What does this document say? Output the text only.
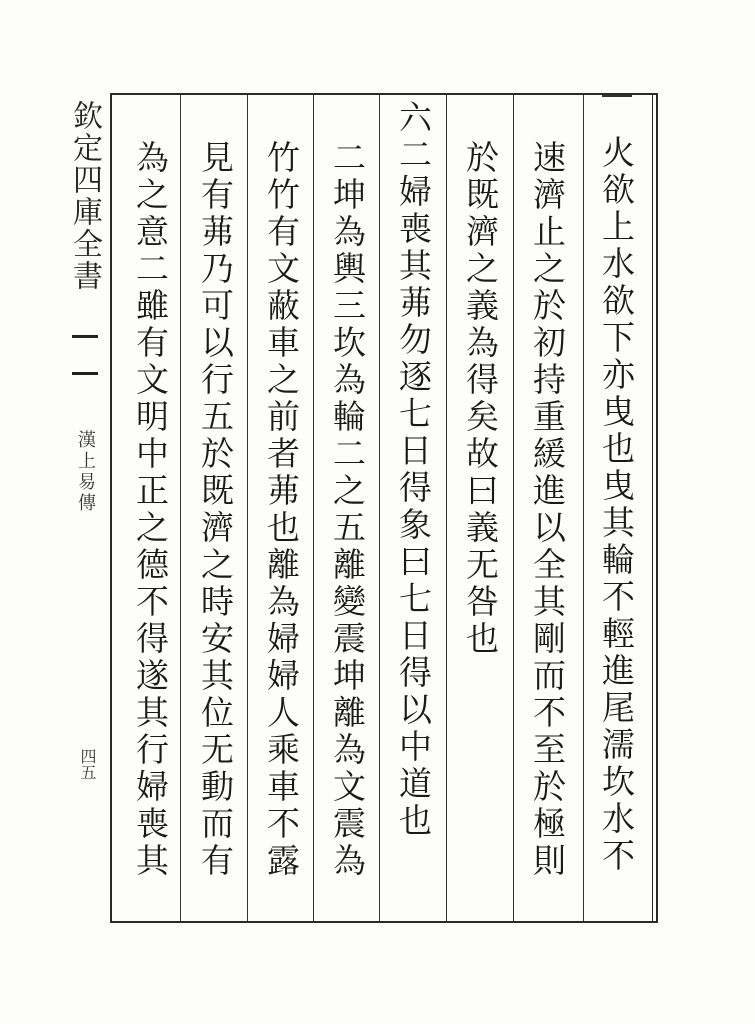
火欲上水欲下亦曳也曳其輪不輕進尾濡坎水不
速濟止之於初持重緩進以全其剛而不至於極則
於既濟之義為得矣故曰義无咎也
六二婦喪其茀勿逐七日得象曰七日得以中道也
二坤為輿三坎為輪二之五離變震坤離為文震為
竹竹有文蔽車之前者茀也離為婦婦人乘車不露
見有茀乃可以行五於既濟之時安其位无動而有
為之意二雖有文明中正之德不得遂其行婦喪其
欽定四庫全書
漢上易傳
四五
